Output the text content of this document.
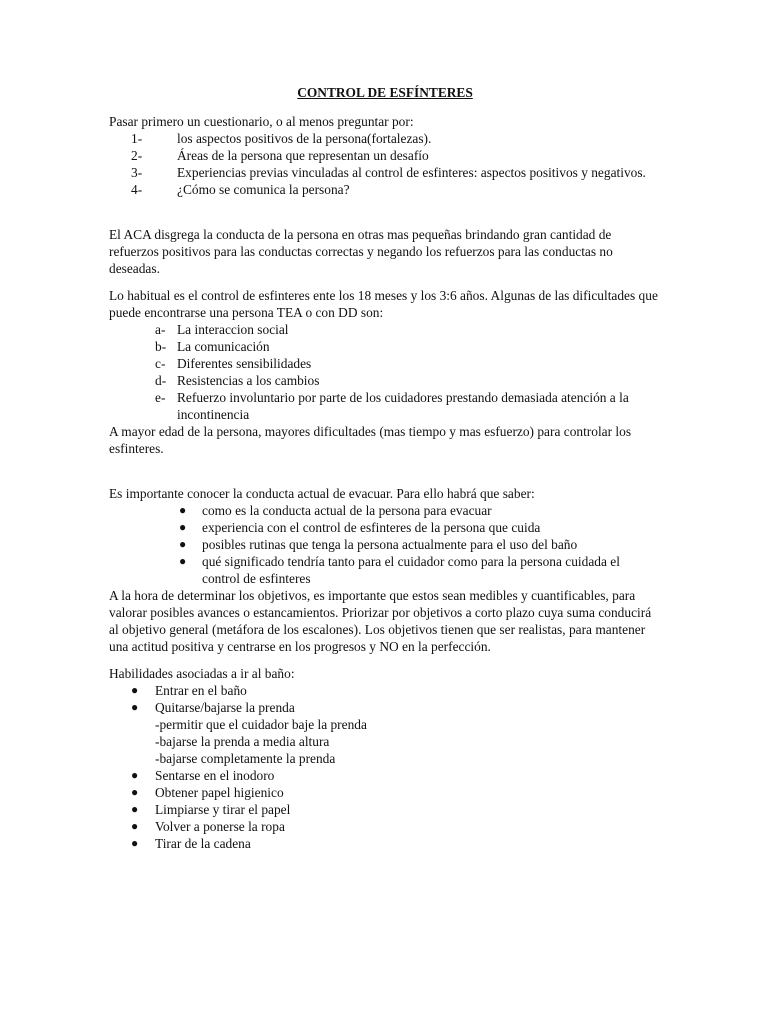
CONTROL DE ESFÍNTERES

Pasar primero un cuestionario, o al menos preguntar por:

1-	los aspectos positivos de la persona(fortalezas).
2-	Áreas de la persona que representan un desafío
3-	Experiencias previas vinculadas al control de esfinteres: aspectos positivos y negativos.
4-	¿Cómo se comunica la persona?

El ACA disgrega la conducta de la persona en otras mas pequeñas brindando gran cantidad de refuerzos positivos para las conductas correctas y negando los refuerzos para las conductas no deseadas.

Lo habitual es el control de esfinteres ente los 18 meses y los 3:6 años. Algunas de las dificultades que puede encontrarse una persona TEA o con DD son:

a- La interaccion social
b- La comunicación
c- Diferentes sensibilidades
d- Resistencias a los cambios
e- Refuerzo involuntario por parte de los cuidadores prestando demasiada atención a la incontinencia

A mayor edad de la persona, mayores dificultades (mas tiempo y mas esfuerzo) para controlar los esfinteres.

Es importante conocer la conducta actual de evacuar. Para ello habrá que saber:

● como es la conducta actual de la persona para evacuar
● experiencia con el control de esfinteres de la persona que cuida
● posibles rutinas que tenga la persona actualmente para el uso del baño
● qué significado tendría tanto para el cuidador como para la persona cuidada el control de esfinteres

A la hora de determinar los objetivos, es importante que estos sean medibles y cuantificables, para valorar posibles avances o estancamientos. Priorizar por objetivos a corto plazo cuya suma conducirá al objetivo general (metáfora de los escalones). Los objetivos tienen que ser realistas, para mantener una actitud positiva y centrarse en los progresos y NO en la perfección.

Habilidades asociadas a ir al baño:

● Entrar en el baño
● Quitarse/bajarse la prenda
-permitir que el cuidador baje la prenda
-bajarse la prenda a media altura
-bajarse completamente la prenda
● Sentarse en el inodoro
● Obtener papel higienico
● Limpiarse y tirar el papel
● Volver a ponerse la ropa
● Tirar de la cadena
